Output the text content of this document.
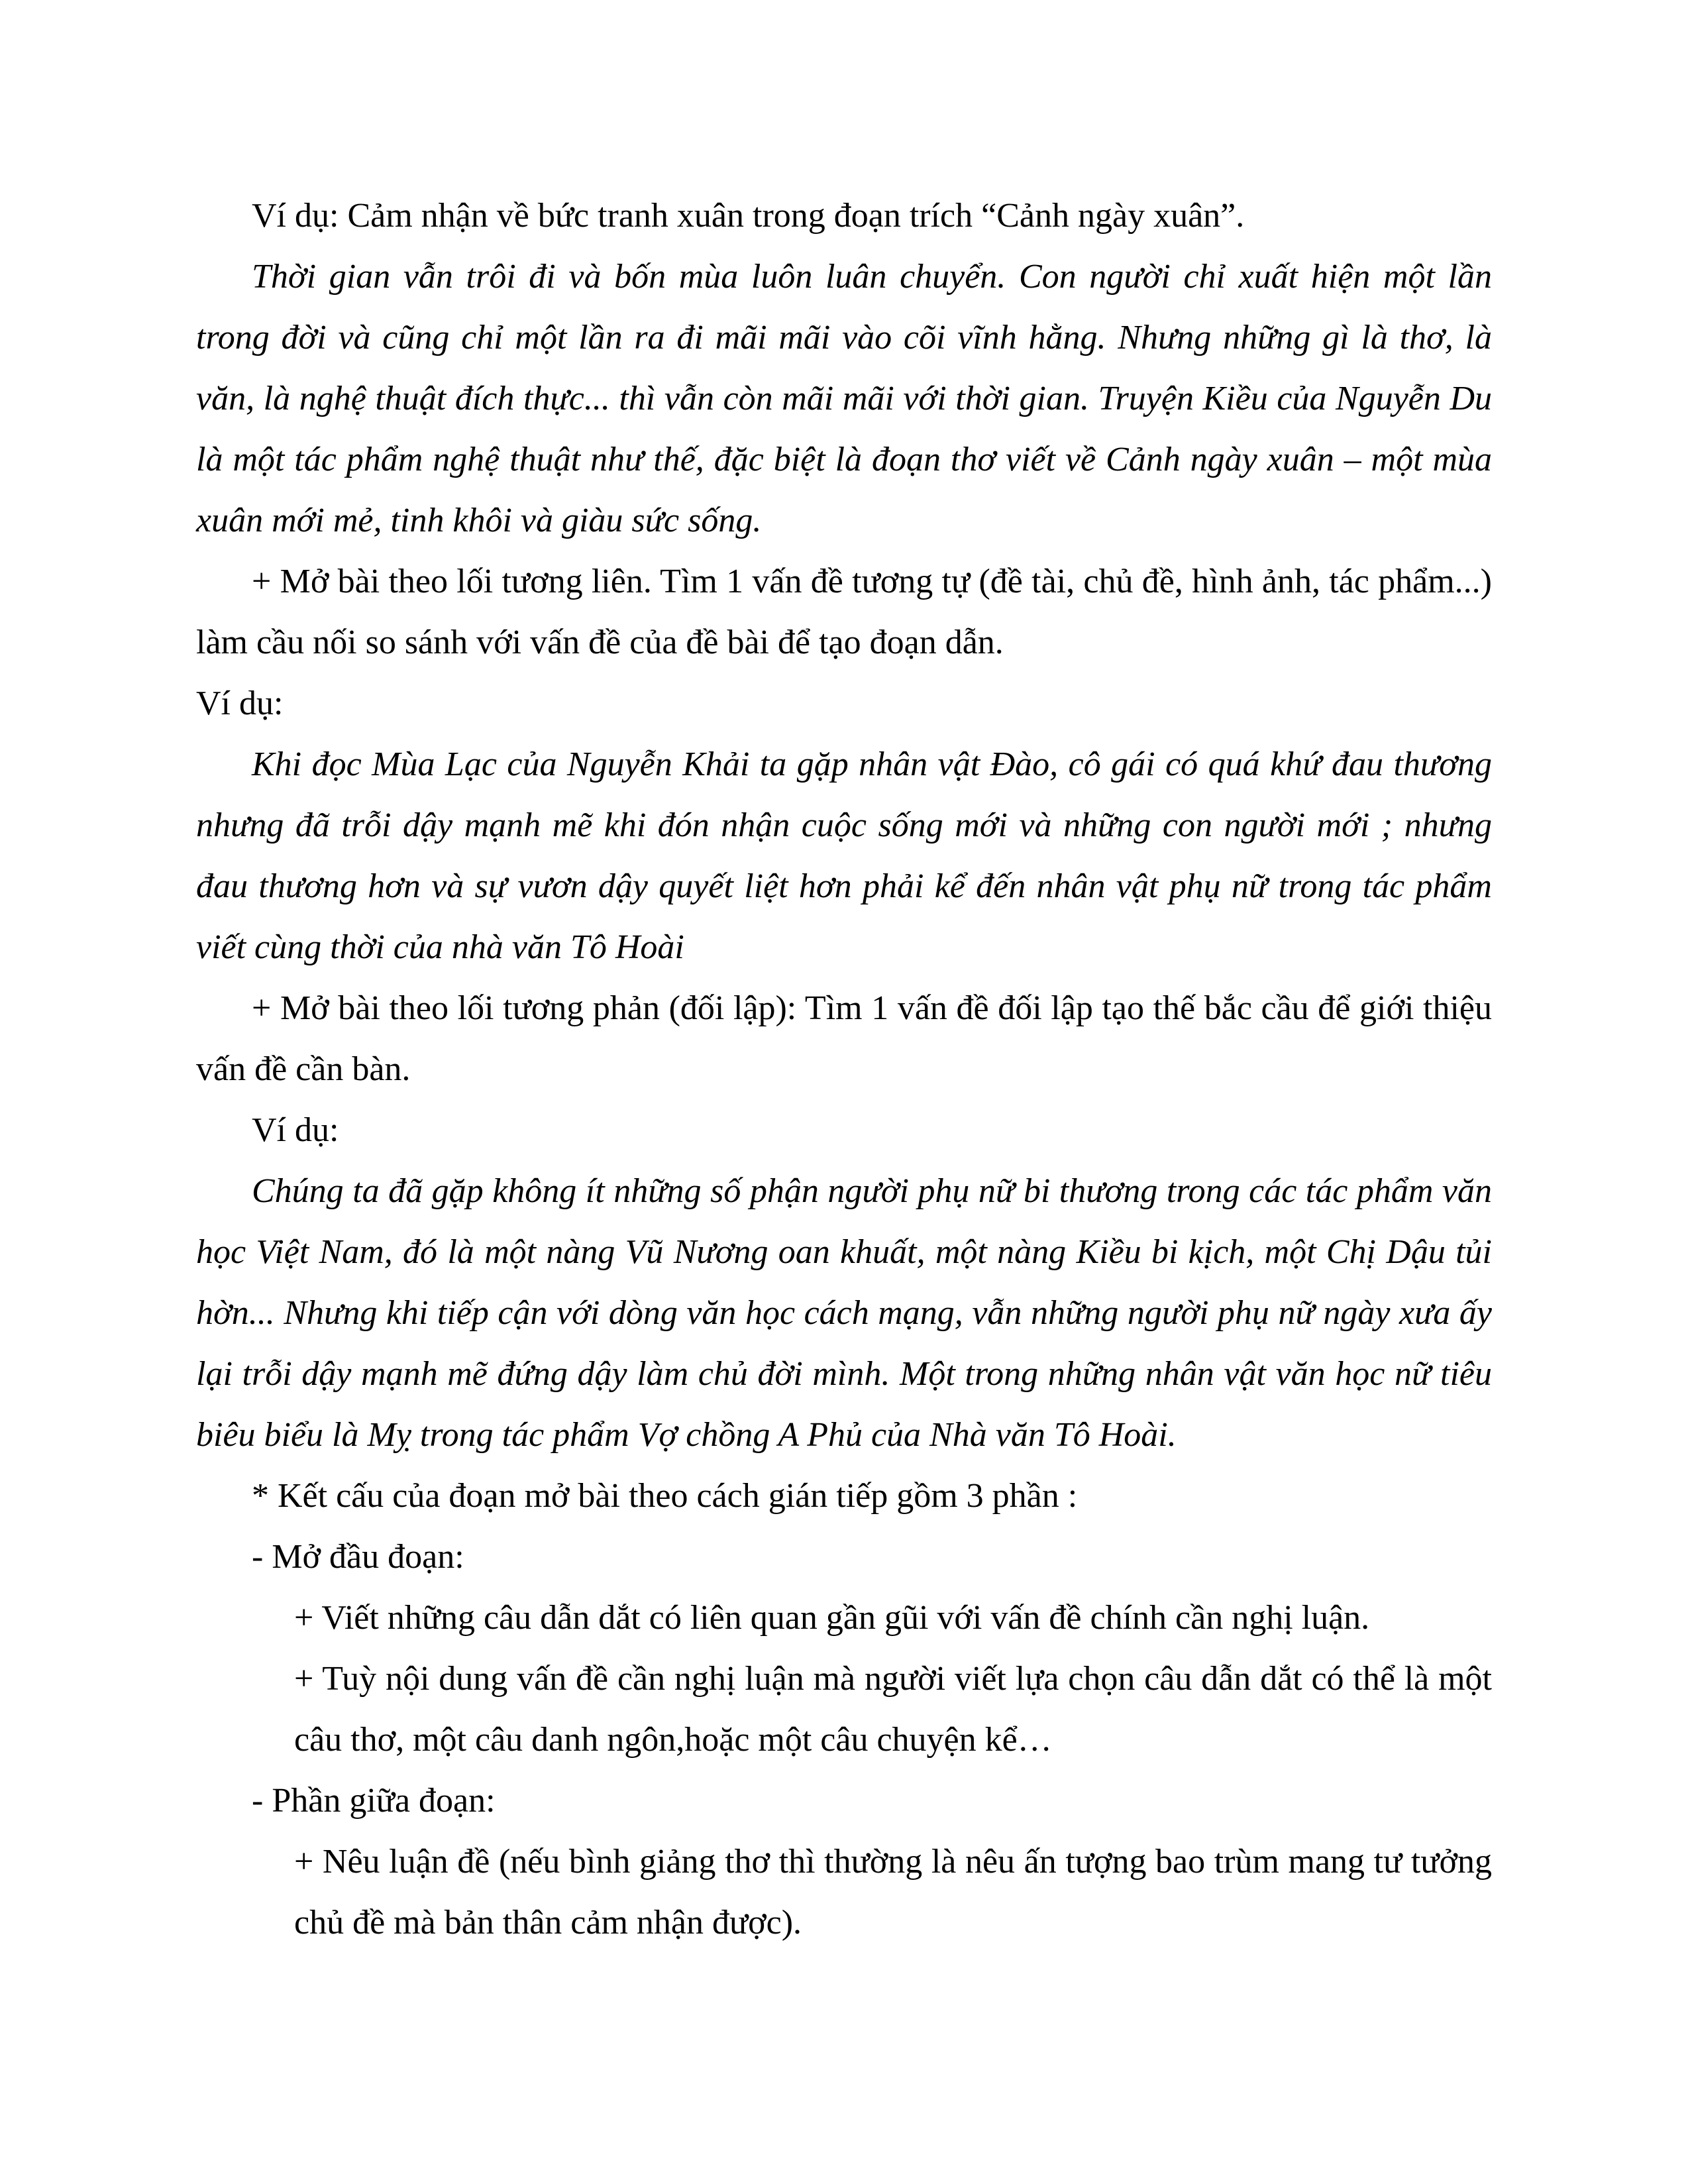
Ví dụ: Cảm nhận về bức tranh xuân trong đoạn trích “Cảnh ngày xuân”.

Thời gian vẫn trôi đi và bốn mùa luôn luân chuyển. Con người chỉ xuất hiện một lần trong đời và cũng chỉ một lần ra đi mãi mãi vào cõi vĩnh hằng. Nhưng những gì là thơ, là văn, là nghệ thuật đích thực... thì vẫn còn mãi mãi với thời gian. Truyện Kiều của Nguyễn Du là một tác phẩm nghệ thuật như thế, đặc biệt là đoạn thơ viết về Cảnh ngày xuân – một mùa xuân mới mẻ, tinh khôi và giàu sức sống.

+ Mở bài theo lối tương liên. Tìm 1 vấn đề tương tự (đề tài, chủ đề, hình ảnh, tác phẩm...) làm cầu nối so sánh với vấn đề của đề bài để tạo đoạn dẫn.

Ví dụ:

Khi đọc Mùa Lạc của Nguyễn Khải ta gặp nhân vật Đào, cô gái có quá khứ đau thương nhưng đã trỗi dậy mạnh mẽ khi đón nhận cuộc sống mới và những con người mới ; nhưng đau thương hơn và sự vươn dậy quyết liệt hơn phải kể đến nhân vật phụ nữ trong tác phẩm viết cùng thời của nhà văn Tô Hoài

+ Mở bài theo lối tương phản (đối lập): Tìm 1 vấn đề đối lập tạo thế bắc cầu để giới thiệu vấn đề cần bàn.

Ví dụ:

Chúng ta đã gặp không ít những số phận người phụ nữ bi thương trong các tác phẩm văn học Việt Nam, đó là một nàng Vũ Nương oan khuất, một nàng Kiều bi kịch, một Chị Dậu tủi hờn... Nhưng khi tiếp cận với dòng văn học cách mạng, vẫn những người phụ nữ ngày xưa ấy lại trỗi dậy mạnh mẽ đứng dậy làm chủ đời mình. Một trong những nhân vật văn học nữ tiêu biêu biểu là Mỵ trong tác phẩm Vợ chồng A Phủ của Nhà văn Tô Hoài.

* Kết cấu của đoạn mở bài theo cách gián tiếp gồm 3 phần :

- Mở đầu đoạn:

+ Viết những câu dẫn dắt có liên quan gần gũi với vấn đề chính cần nghị luận.

+ Tuỳ nội dung vấn đề cần nghị luận mà người viết lựa chọn câu dẫn dắt có thể là một câu thơ, một câu danh ngôn,hoặc một câu chuyện kể…

- Phần giữa đoạn:

+ Nêu luận đề (nếu bình giảng thơ thì thường là nêu ấn tượng bao trùm mang tư tưởng chủ đề mà bản thân cảm nhận được).
